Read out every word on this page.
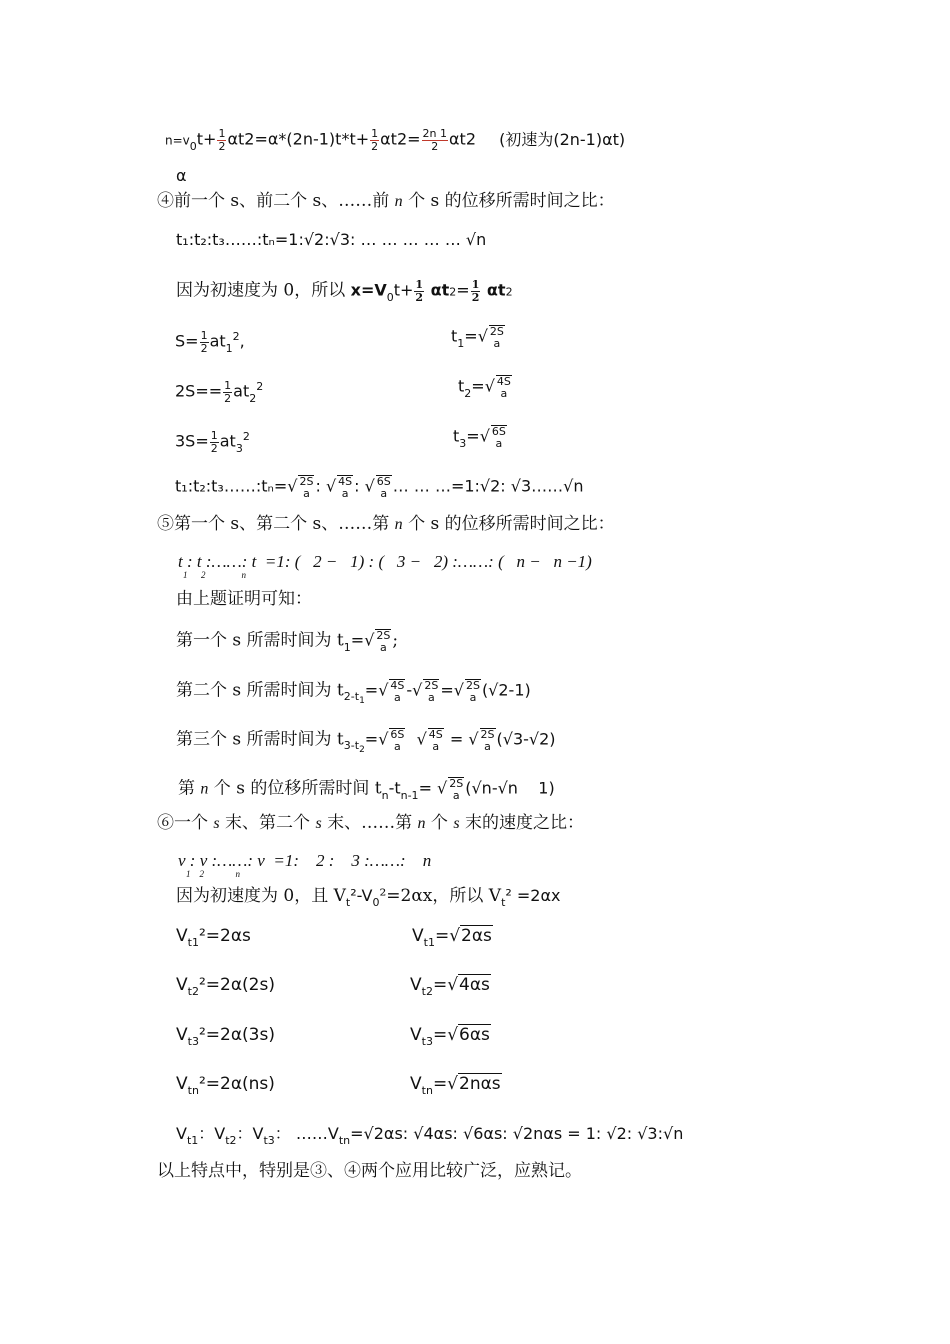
$n=v_0t+ \frac{1}{2} \alpha t2=\alpha*(2n-1)t*t+ \frac{1}{2} \alpha t2= \frac{2n 1}{2} \alpha t2$ (初速为(2n-1)αt)
α
④前一个 s、前二个 s、……前 n 个 s 的位移所需时间之比：
t₁:t₂:t₃……:tₙ=1:√2:√3: … … … … … √n
因为初速度为 0，所以 $x=V_0t+ \frac{1}{2} \alpha t2= \frac{1}{2} \alpha t2$
$S= \frac{1}{2} at_1^2$,	$t_1=√$ 2S
a
$2S== \frac{1}{2} at_2^2$	$t_2=√$ 4S
a
$3S= \frac{1}{2} at_3^2$	$t_3=√$ 6S
a
t₁:t₂:t₃……:tₙ=√ 2S
a : √ 4S
a : √ 6S
a … … …=1:√2: √3……√n
⑤第一个 s、第二个 s、……第 n 个 s 的位移所需时间之比：
t : t :……: t  =1: (   2 −   1) : (   3 −   2) :……: (   n −   n −1)
1      2                n
由上题证明可知：
第一个 s 所需时间为 $t_1=√$ 2S
a ;
第二个 s 所需时间为 $t_{2-t1}=√$ 4S
a -√ 2S
a =√ 2S
a (√2-1)
第三个 s 所需时间为 $t_{3-t2}=√$ 6S
a √ 4S
a = √ 2S
a (√3-√2)
第 n 个 s 的位移所需时间 $t_n-t_{n-1}=$ √ 2S
a (√n-√n    1)
⑥一个 s 末、第二个 s 末、……第 n 个 s 末的速度之比：
v : v :……: v  =1:    2 :    3 :……:    n
1    2              n
因为初速度为 0，且 $V_t^2-V_0^2=2\alpha x$，所以 $V_t^2 =2\alpha x$
$V_{t1}^2=2\alpha s$	$V_{t1}=√2\alpha s$
$V_{t2}^2=2\alpha(2s)$	$V_{t2}=√4\alpha s$
$V_{t3}^2=2\alpha(3s)$	$V_{t3}=√6\alpha s$
$V_{tn}^2=2\alpha(ns)$	$V_{tn}=√2n\alpha s$
$V_{t1}$：$V_{t2}$：$V_{t3}$： $\dots\dots V_{tn}=√2\alpha s$: √4αs: √6αs: √2nαs = 1: √2: √3:√n
以上特点中，特别是③、④两个应用比较广泛，应熟记。
